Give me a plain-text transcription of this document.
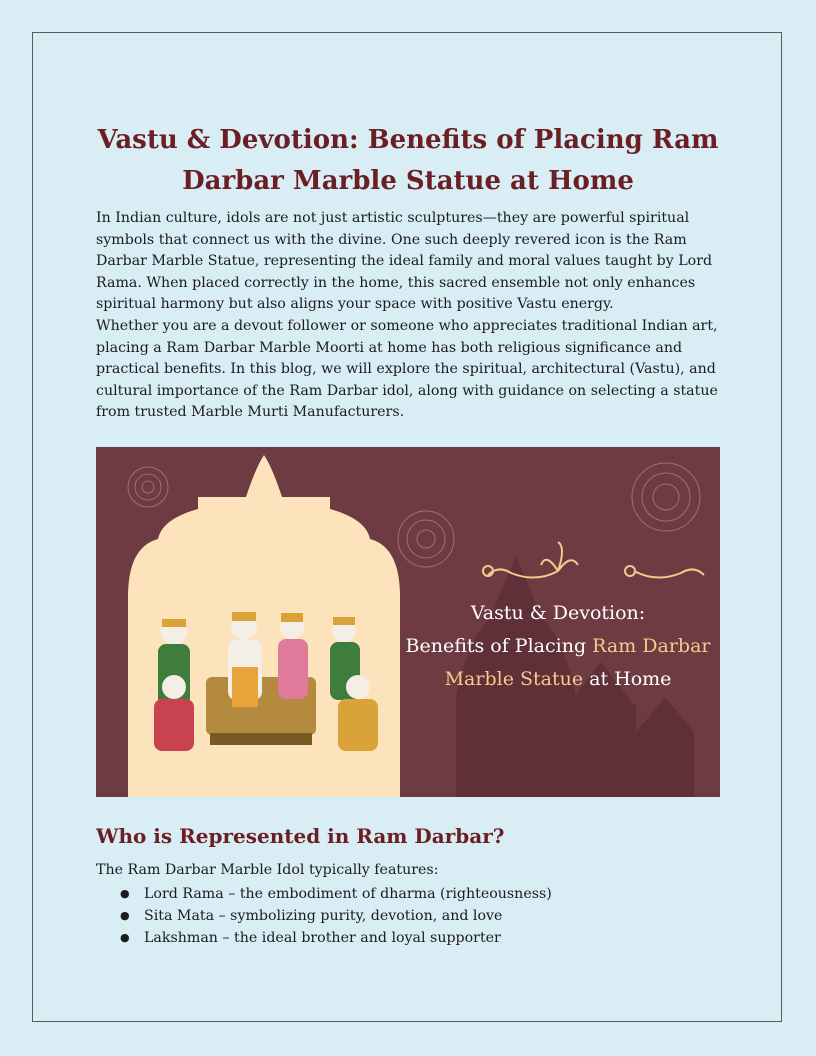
Vastu & Devotion: Benefits of Placing Ram Darbar Marble Statue at Home

In Indian culture, idols are not just artistic sculptures—they are powerful spiritual symbols that connect us with the divine. One such deeply revered icon is the Ram Darbar Marble Statue, representing the ideal family and moral values taught by Lord Rama. When placed correctly in the home, this sacred ensemble not only enhances spiritual harmony but also aligns your space with positive Vastu energy.

Whether you are a devout follower or someone who appreciates traditional Indian art, placing a Ram Darbar Marble Moorti at home has both religious significance and practical benefits. In this blog, we will explore the spiritual, architectural (Vastu), and cultural importance of the Ram Darbar idol, along with guidance on selecting a statue from trusted Marble Murti Manufacturers.

Vastu & Devotion:
Benefits of Placing Ram Darbar
Marble Statue at Home
Who is Represented in Ram Darbar?

The Ram Darbar Marble Idol typically features:

● Lord Rama – the embodiment of dharma (righteousness)
● Sita Mata – symbolizing purity, devotion, and love
● Lakshman – the ideal brother and loyal supporter
